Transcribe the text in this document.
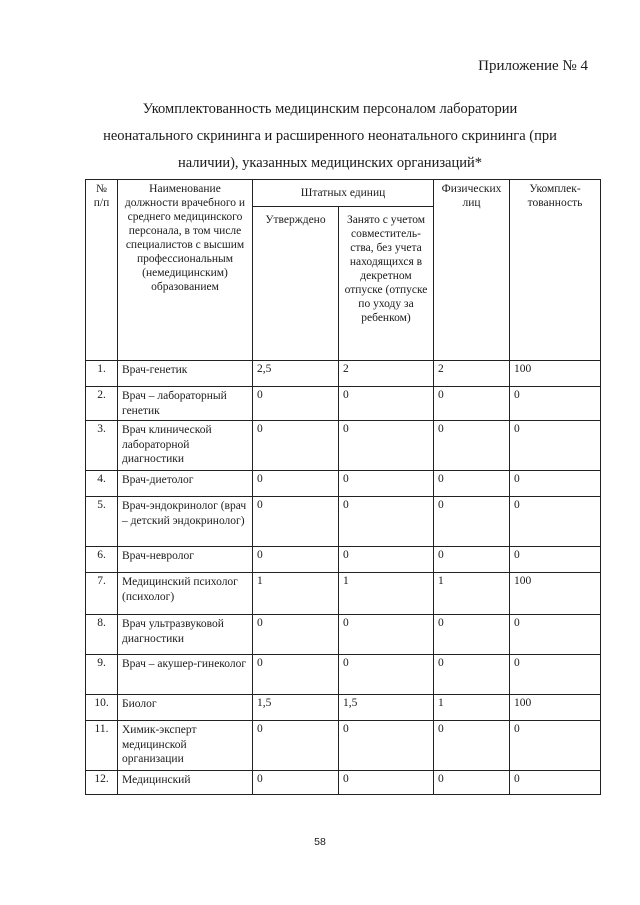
Приложение № 4
Укомплектованность медицинским персоналом лаборатории
неонатального скрининга и расширенного неонатального скрининга (при
наличии), указанных медицинских организаций*
№
п/п	Наименование должности врачебного и среднего медицинского персонала, в том числе специалистов с высшим профессиональным (немедицинским) образованием	Штатных единиц		Физических лиц	Укомплек-тованность
		Утверждено	Занято с учетом совместитель-ства, без учета находящихся в декретном отпуске (отпуске по уходу за ребенком)		
1.	Врач-генетик	2,5	2	2	100
2.	Врач – лабораторный генетик	0	0	0	0
3.	Врач клинической лабораторной диагностики	0	0	0	0
4.	Врач-диетолог	0	0	0	0
5.	Врач-эндокринолог (врач – детский эндокринолог)	0	0	0	0
6.	Врач-невролог	0	0	0	0
7.	Медицинский психолог (психолог)	1	1	1	100
8.	Врач ультразвуковой диагностики	0	0	0	0
9.	Врач – акушер-гинеколог	0	0	0	0
10.	Биолог	1,5	1,5	1	100
11.	Химик-эксперт медицинской организации	0	0	0	0
12.	Медицинский	0	0	0	0
58
